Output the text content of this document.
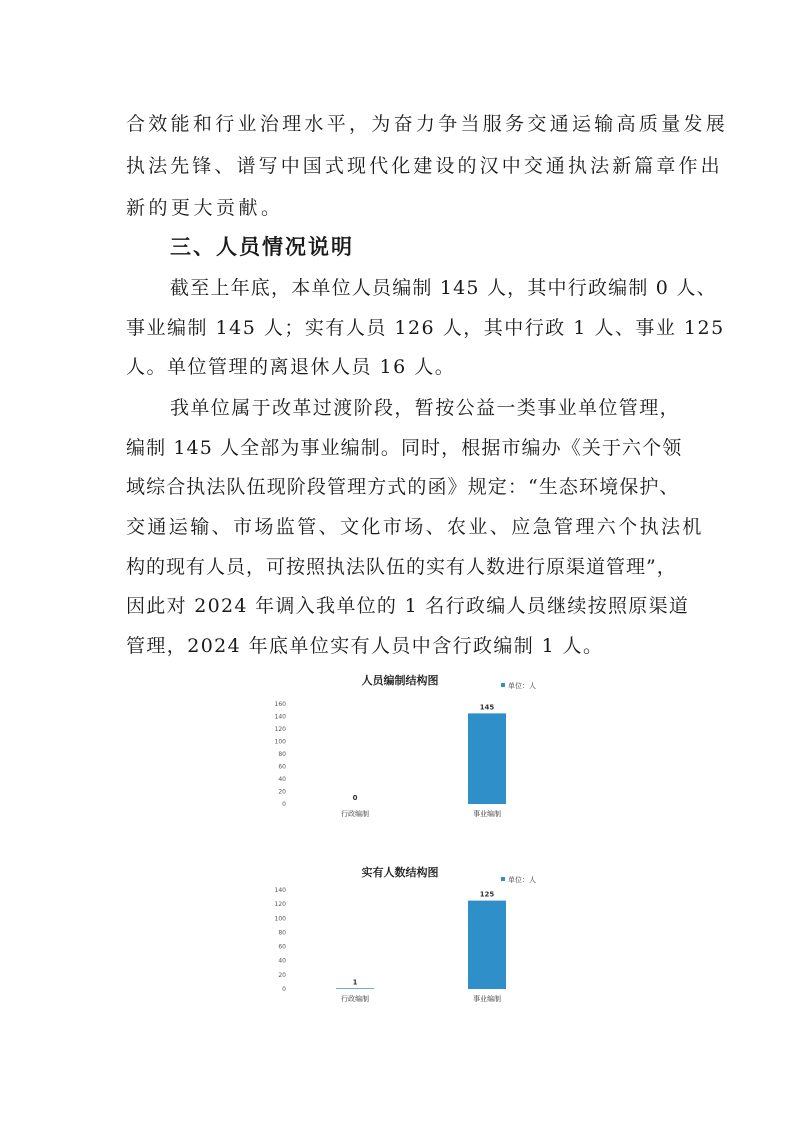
合效能和行业治理水平，为奋力争当服务交通运输高质量发展
执法先锋、谱写中国式现代化建设的汉中交通执法新篇章作出
新的更大贡献。
三、人员情况说明
截至上年底，本单位人员编制 145 人，其中行政编制 0 人、
事业编制 145 人；实有人员 126 人，其中行政 1 人、事业 125
人。单位管理的离退休人员 16 人。
我单位属于改革过渡阶段，暂按公益一类事业单位管理，
编制 145 人全部为事业编制。同时，根据市编办《关于六个领
域综合执法队伍现阶段管理方式的函》规定：“生态环境保护、
交通运输、市场监管、文化市场、农业、应急管理六个执法机
构的现有人员，可按照执法队伍的实有人数进行原渠道管理”，
因此对 2024 年调入我单位的 1 名行政编人员继续按照原渠道
管理，2024 年底单位实有人员中含行政编制 1 人。
人员编制结构图	单位：人
0
20
40
60
80
100
120
140
160
0
行政编制
145
事业编制
实有人数结构图
单位：人
0
20
40
60
80
100
120
140
1
行政编制
125
事业编制
